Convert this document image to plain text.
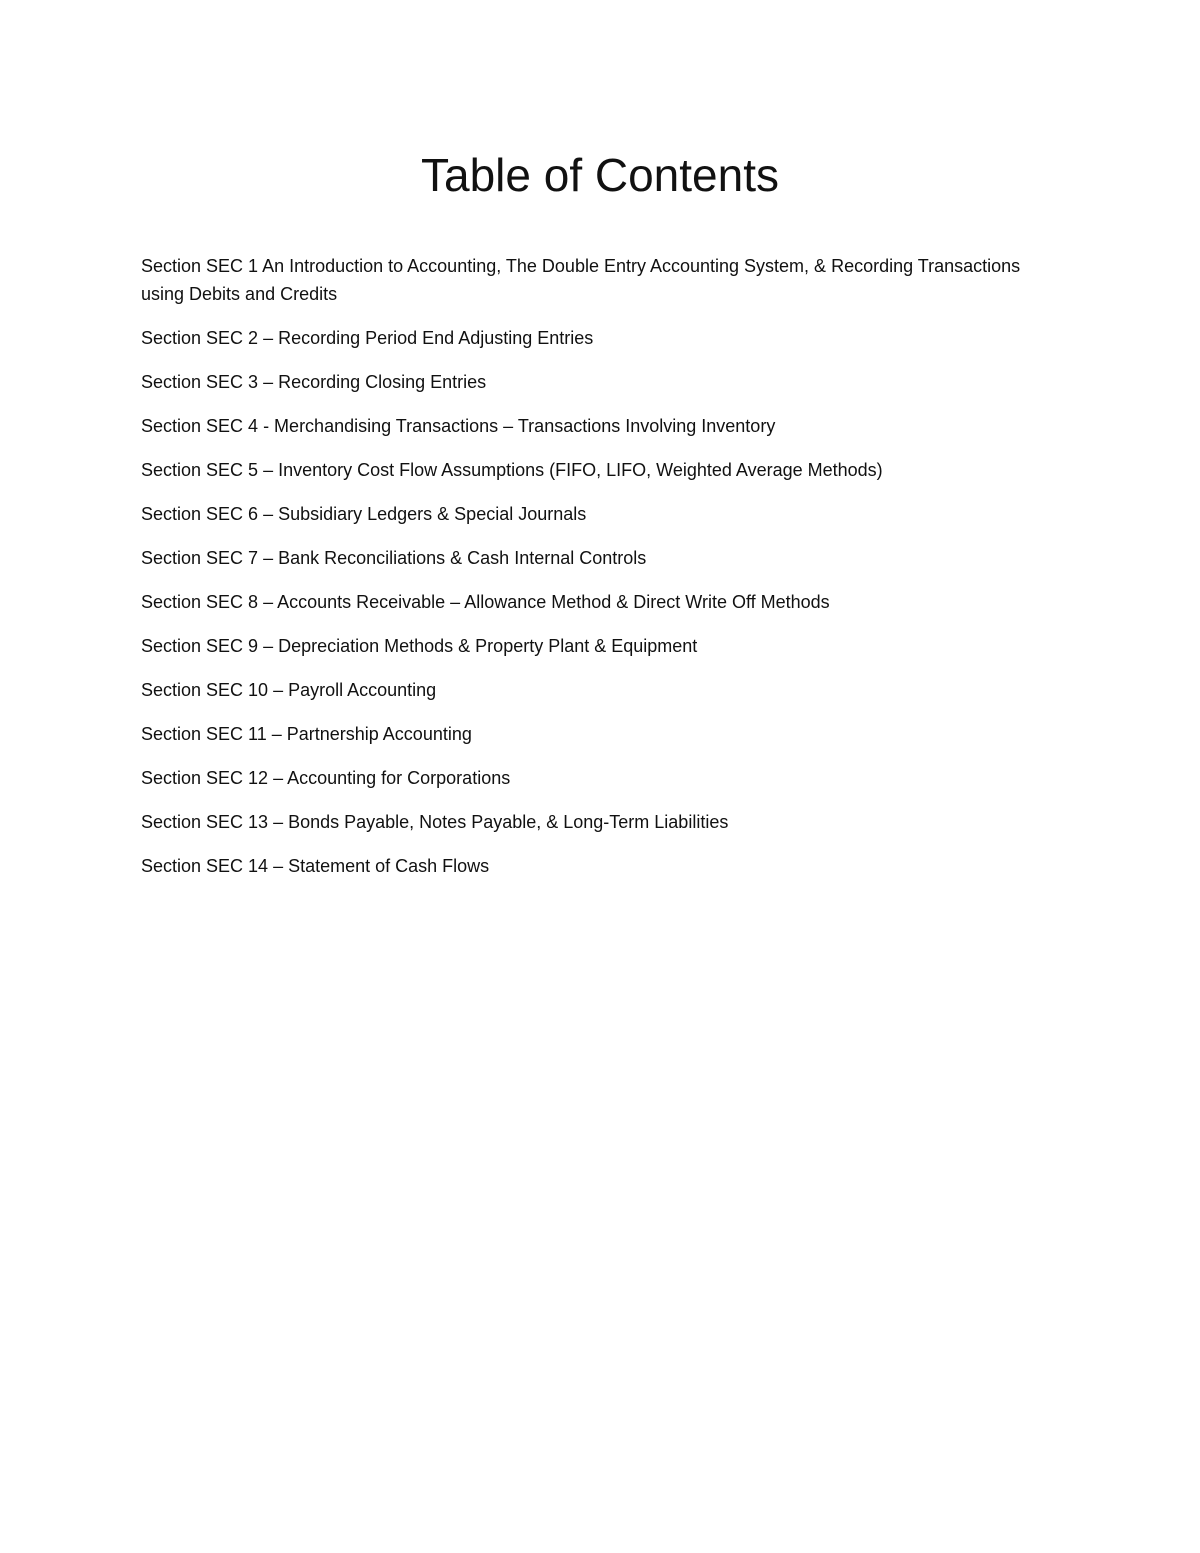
Table of Contents
Section SEC 1 An Introduction to Accounting, The Double Entry Accounting System, & Recording Transactions using Debits and Credits
Section SEC 2 – Recording Period End Adjusting Entries
Section SEC 3 – Recording Closing Entries
Section SEC 4 - Merchandising Transactions – Transactions Involving Inventory
Section SEC 5 – Inventory Cost Flow Assumptions (FIFO, LIFO, Weighted Average Methods)
Section SEC 6 – Subsidiary Ledgers & Special Journals
Section SEC 7 – Bank Reconciliations & Cash Internal Controls
Section SEC 8 – Accounts Receivable – Allowance Method & Direct Write Off Methods
Section SEC 9 – Depreciation Methods & Property Plant & Equipment
Section SEC 10 – Payroll Accounting
Section SEC 11 – Partnership Accounting
Section SEC 12 – Accounting for Corporations
Section SEC 13 – Bonds Payable, Notes Payable, & Long-Term Liabilities
Section SEC 14 – Statement of Cash Flows
